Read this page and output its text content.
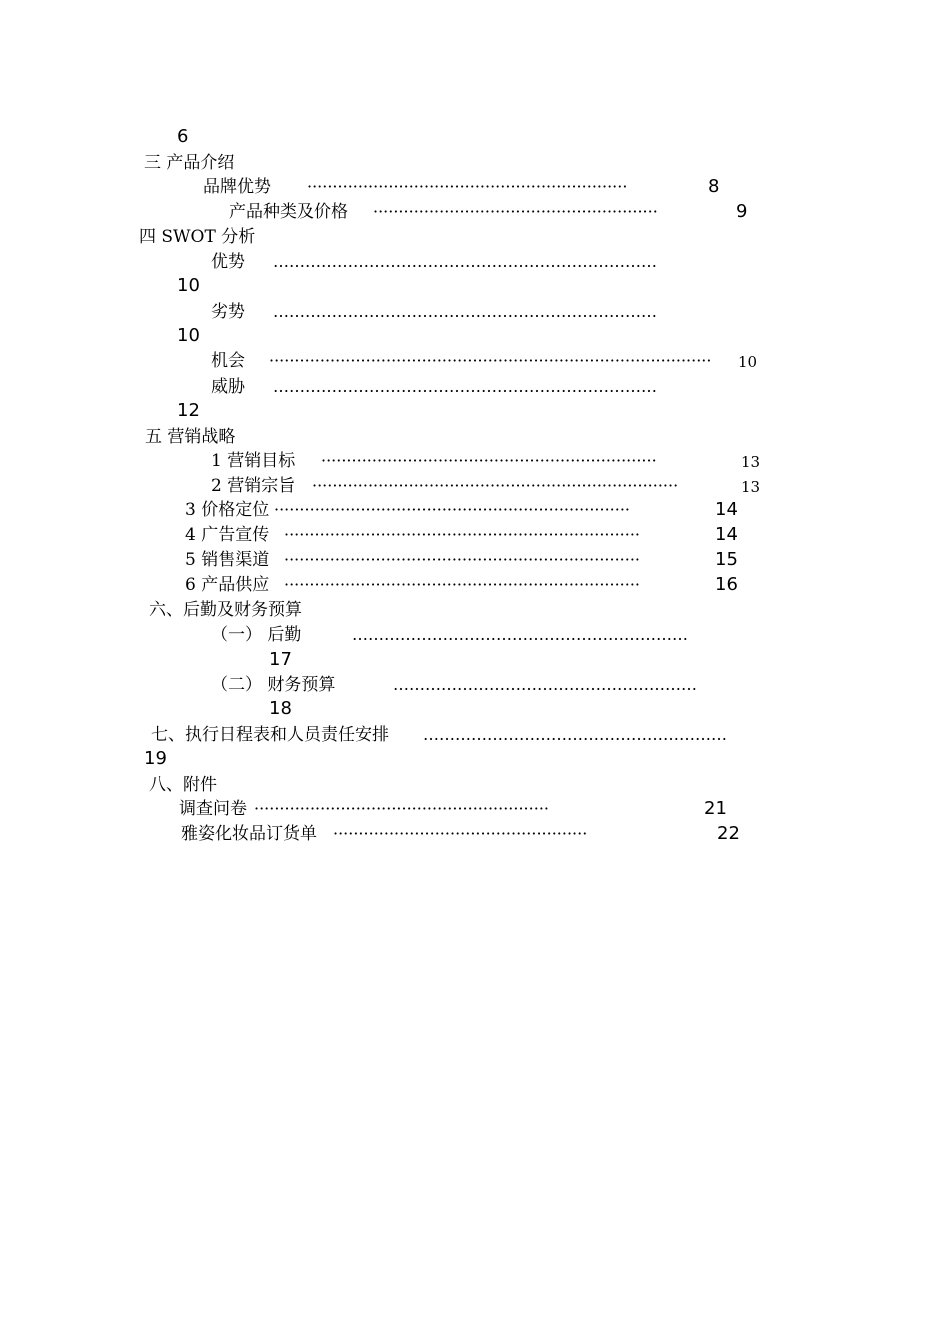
6
三 产品介绍
品牌优势 ·······························································	8
产品种类及价格 ························································	9
四 SWOT 分析
优势 ………………………………………………………………
10
劣势 ………………………………………………………………
10
机会 ·······················································································	10
威胁 ………………………………………………………………
12
五 营销战略
1 营销目标 ··································································	13
2 营销宗旨 ········································································	13
3 价格定位 ······································································	14
4 广告宣传 ······································································	14
5 销售渠道 ······································································	15
6 产品供应 ······································································	16
六、后勤及财务预算
（一） 后勤	………………………………………………………
17
（二） 财务预算	…………………………………………………
18
七、执行日程表和人员责任安排 …………………………………………………
19
八、附件
调查问卷 ··························································	21
雅姿化妆品订货单 ··················································	22
